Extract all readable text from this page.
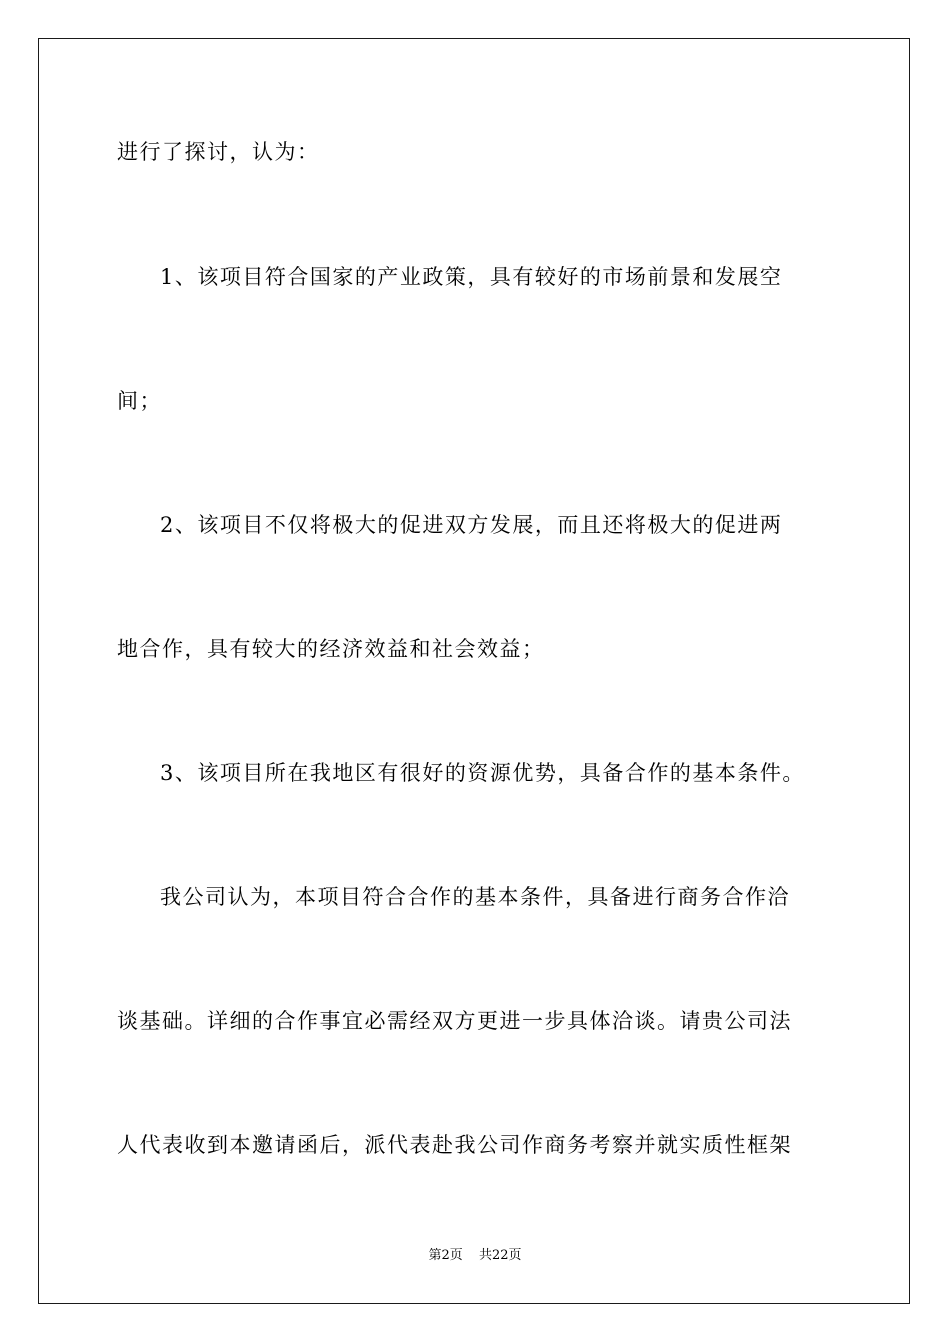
进行了探讨，认为：
1、该项目符合国家的产业政策，具有较好的市场前景和发展空
间；
2、该项目不仅将极大的促进双方发展，而且还将极大的促进两
地合作，具有较大的经济效益和社会效益；
3、该项目所在我地区有很好的资源优势，具备合作的基本条件。
我公司认为，本项目符合合作的基本条件，具备进行商务合作洽
谈基础。详细的合作事宜必需经双方更进一步具体洽谈。请贵公司法
人代表收到本邀请函后，派代表赴我公司作商务考察并就实质性框架
第2页 共22页
